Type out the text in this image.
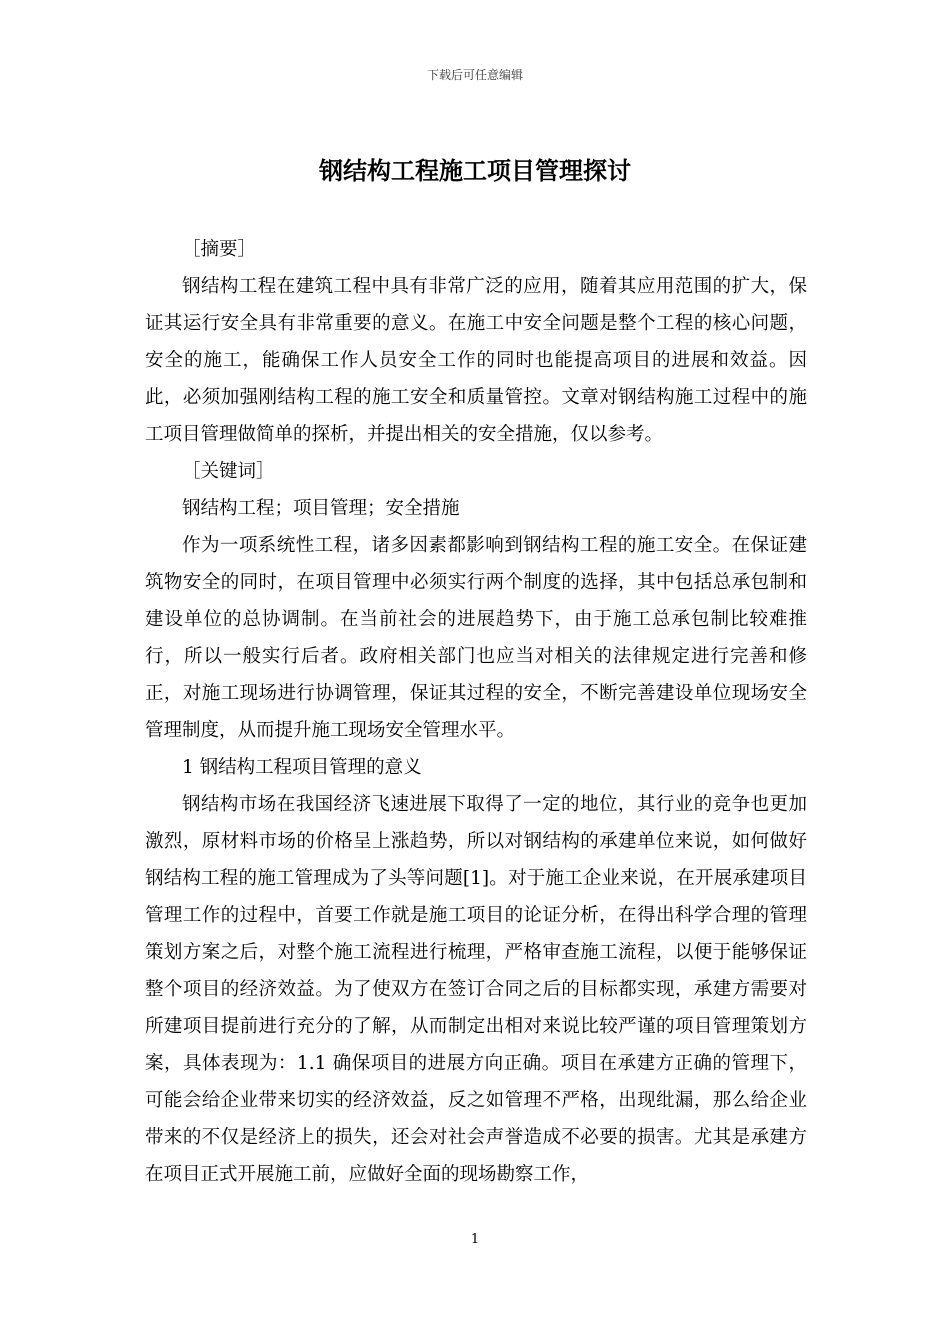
下载后可任意编辑
钢结构工程施工项目管理探讨

［摘要］

钢结构工程在建筑工程中具有非常广泛的应用，随着其应用范围的扩大，保证其运行安全具有非常重要的意义。在施工中安全问题是整个工程的核心问题，安全的施工，能确保工作人员安全工作的同时也能提高项目的进展和效益。因此，必须加强刚结构工程的施工安全和质量管控。文章对钢结构施工过程中的施工项目管理做简单的探析，并提出相关的安全措施，仅以参考。

［关键词］

钢结构工程；项目管理；安全措施

作为一项系统性工程，诸多因素都影响到钢结构工程的施工安全。在保证建筑物安全的同时，在项目管理中必须实行两个制度的选择，其中包括总承包制和建设单位的总协调制。在当前社会的进展趋势下，由于施工总承包制比较难推行，所以一般实行后者。政府相关部门也应当对相关的法律规定进行完善和修正，对施工现场进行协调管理，保证其过程的安全，不断完善建设单位现场安全管理制度，从而提升施工现场安全管理水平。

1 钢结构工程项目管理的意义

钢结构市场在我国经济飞速进展下取得了一定的地位，其行业的竞争也更加激烈，原材料市场的价格呈上涨趋势，所以对钢结构的承建单位来说，如何做好钢结构工程的施工管理成为了头等问题[1]。对于施工企业来说，在开展承建项目管理工作的过程中，首要工作就是施工项目的论证分析，在得出科学合理的管理策划方案之后，对整个施工流程进行梳理，严格审查施工流程，以便于能够保证整个项目的经济效益。为了使双方在签订合同之后的目标都实现，承建方需要对所建项目提前进行充分的了解，从而制定出相对来说比较严谨的项目管理策划方案，具体表现为：1.1 确保项目的进展方向正确。项目在承建方正确的管理下，可能会给企业带来切实的经济效益，反之如管理不严格，出现纰漏，那么给企业带来的不仅是经济上的损失，还会对社会声誉造成不必要的损害。尤其是承建方在项目正式开展施工前，应做好全面的现场勘察工作，

1
